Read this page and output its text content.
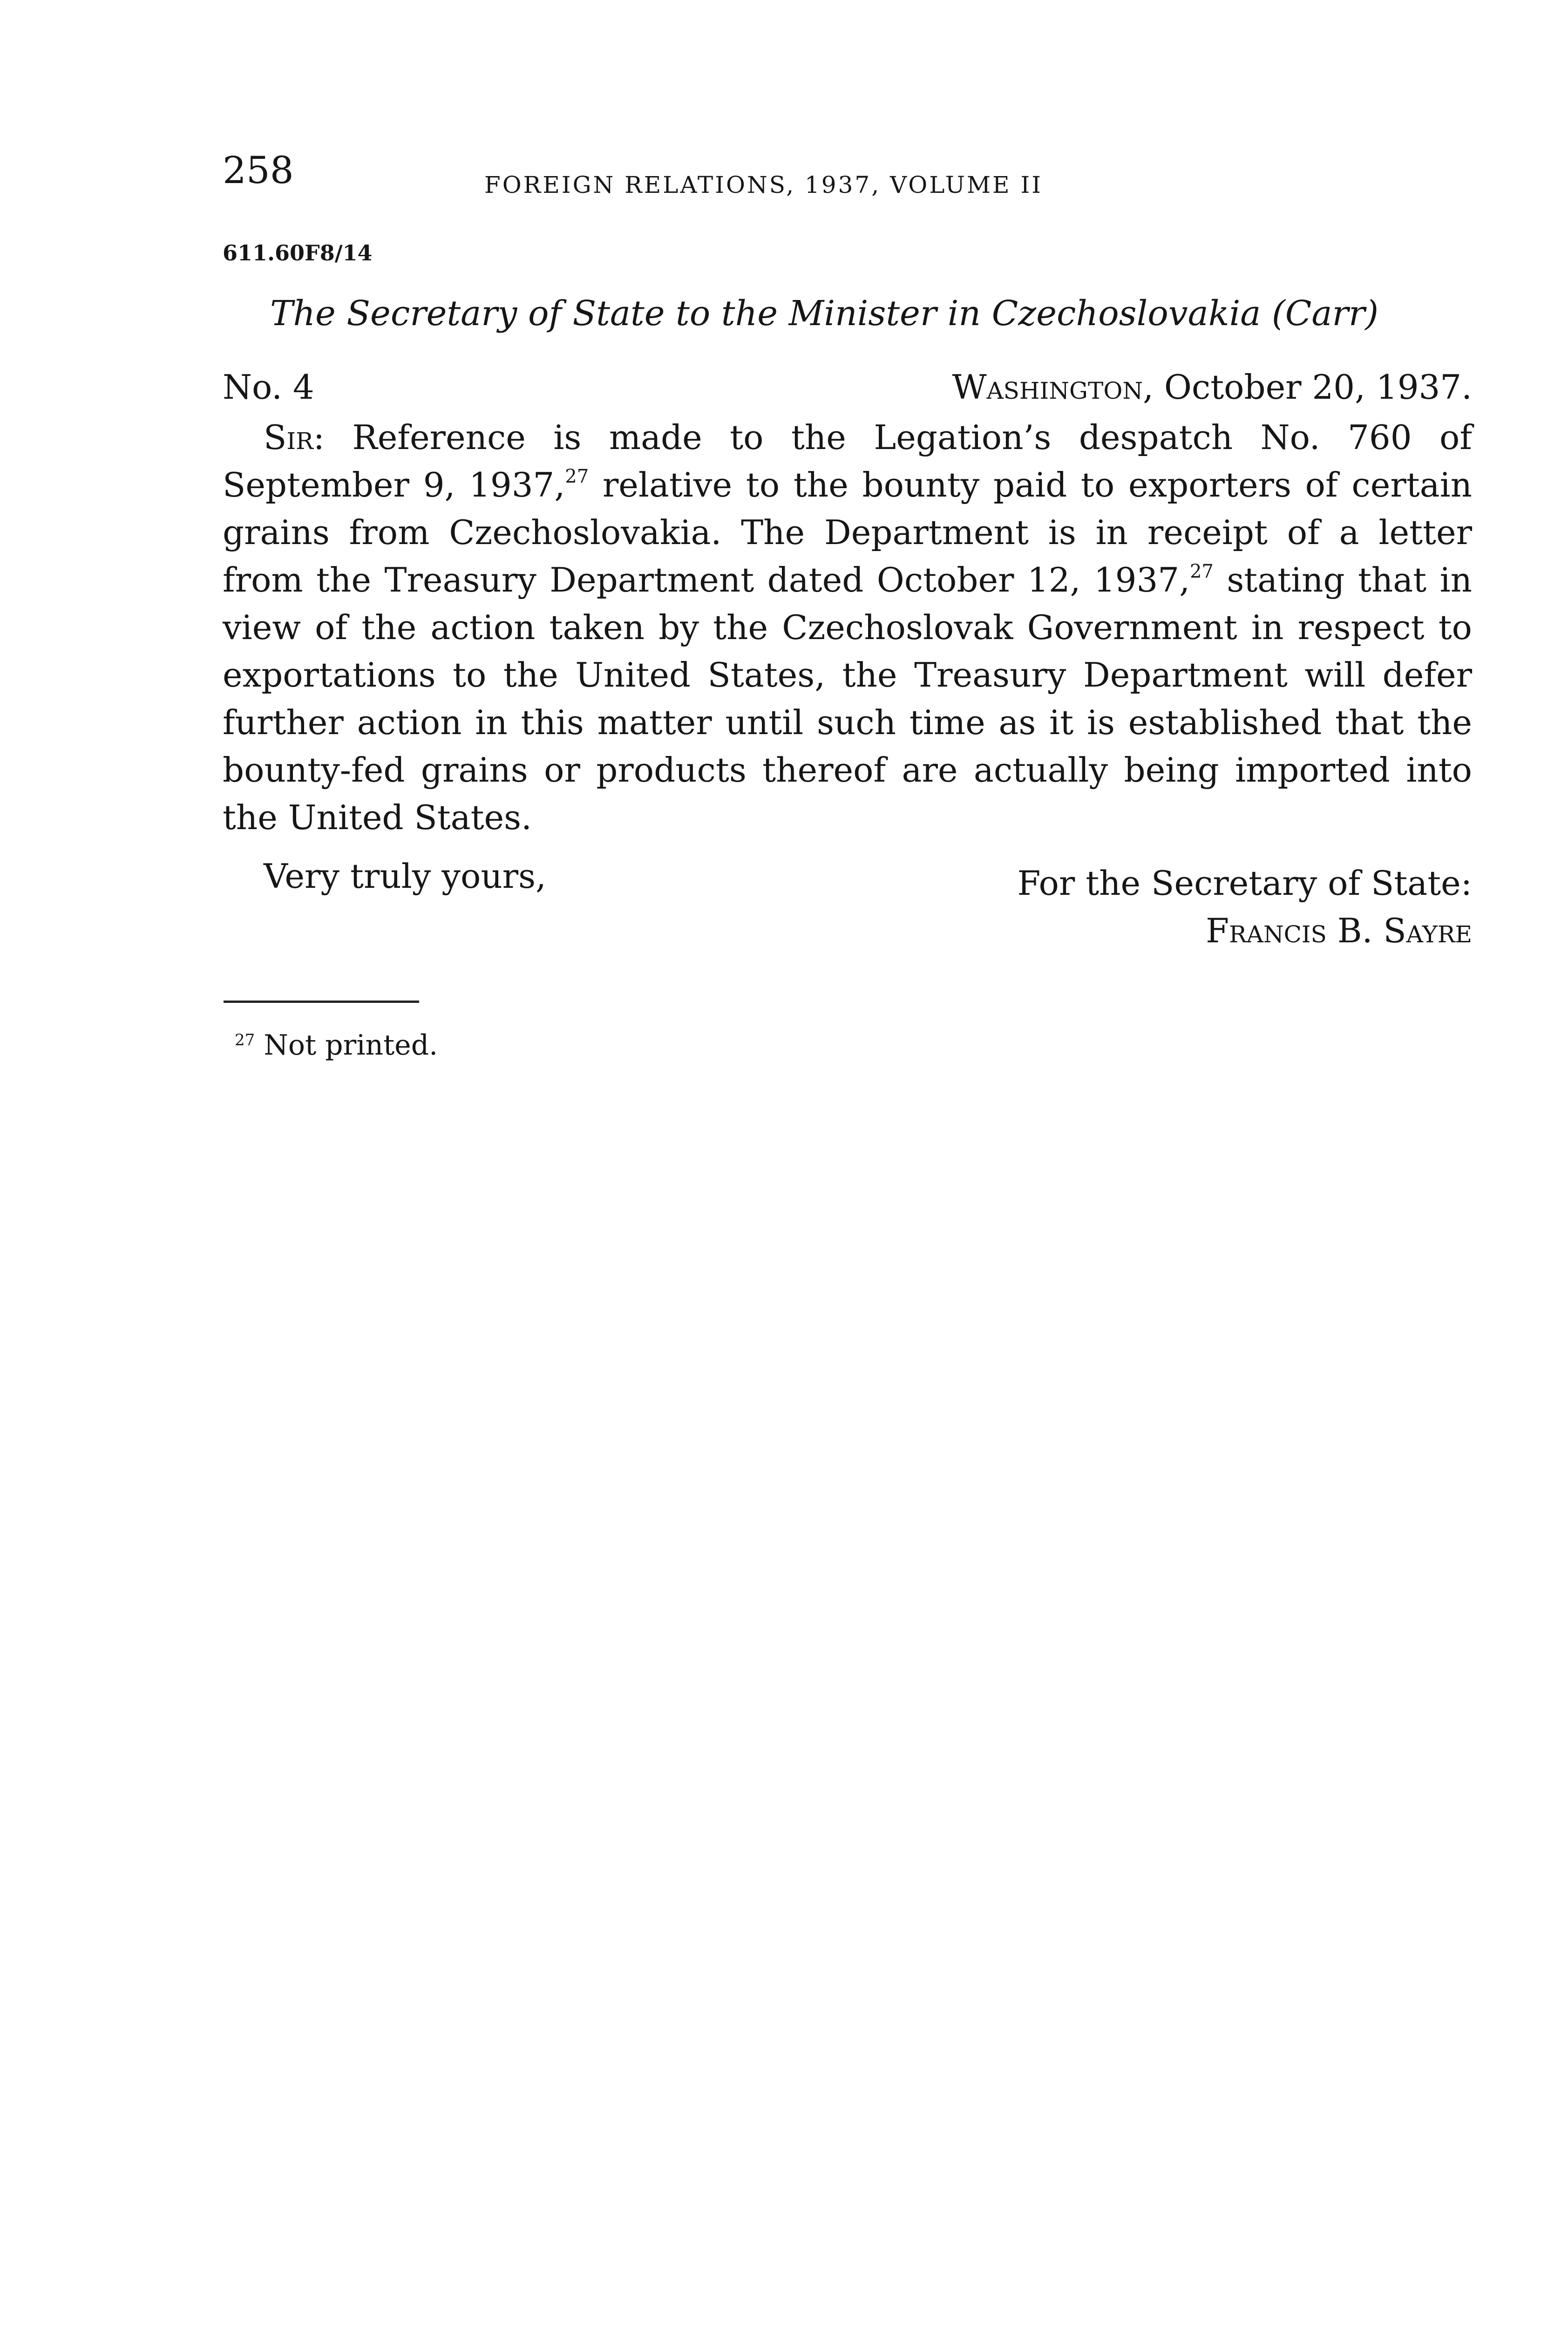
258	FOREIGN RELATIONS, 1937, VOLUME II
611.60F8/14
The Secretary of State to the Minister in Czechoslovakia (Carr)
No. 4	Washington, October 20, 1937.

Sir: Reference is made to the Legation’s despatch No. 760 of September 9, 1937,27 relative to the bounty paid to exporters of certain grains from Czechoslovakia. The Department is in receipt of a letter from the Treasury Department dated October 12, 1937,27 stating that in view of the action taken by the Czechoslovak Government in respect to exportations to the United States, the Treasury Department will defer further action in this matter until such time as it is established that the bounty-fed grains or products thereof are actually being imported into the United States.

Very truly yours,	For the Secretary of State:
Francis B. Sayre
$^{27}$ Not printed.
